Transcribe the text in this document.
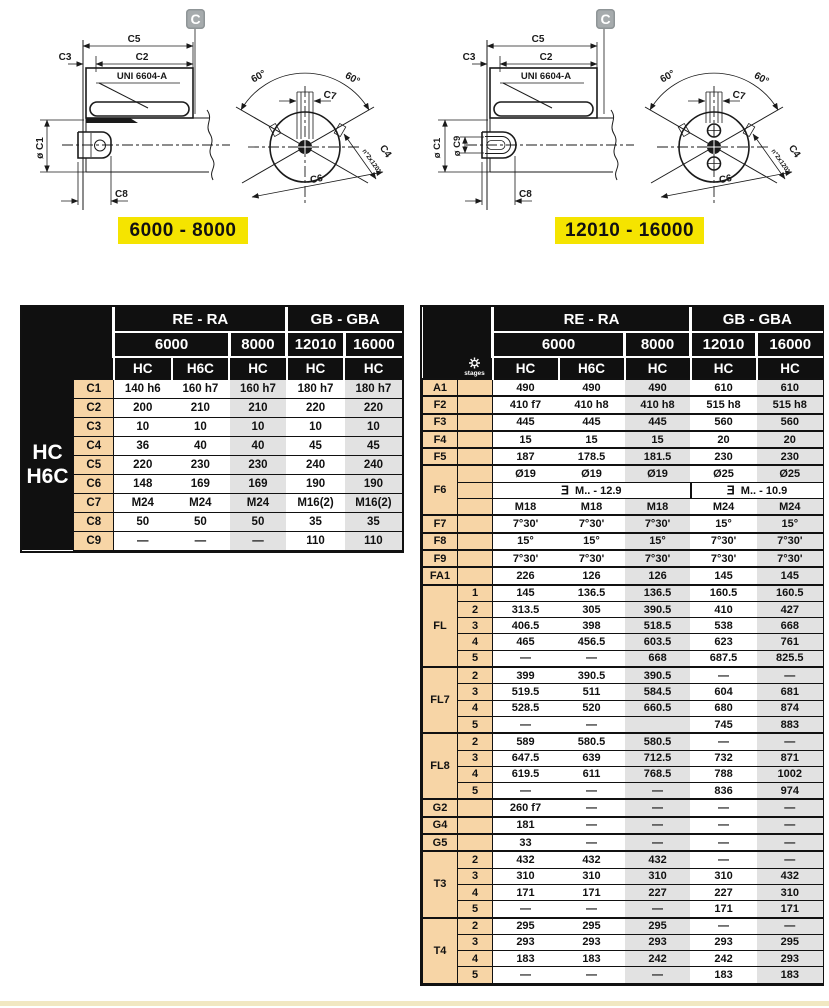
C5
C2
C3
UNI 6604-A
ø C1
C8
60°	60°
C7
C4
n°2x120°
C6
C
6000 - 8000
C5
C2
C3
UNI 6604-A
ø C1 ø C9
C8
60°	60°
C7
C4
n°2x120°
C6
C
12010 - 16000
		RE - RA			GB - GBA	
		6000		8000	12010	16000
		HC	H6C	HC	HC	HC

HC
H6C	C1	140 h6	160 h7	160 h7	180 h7	180 h7
	C2	200	210	210	220	220
	C3	10	10	10	10	10
	C4	36	40	40	45	45
	C5	220	230	230	240	240
	C6	148	169	169	190	190
	C7	M24	M24	M24	M16(2)	M16(2)
	C8	50	50	50	35	35
	C9	—	—	—	110	110
		RE - RA			GB - GBA	
		6000		8000	12010	16000

	stages	HC	H6C	HC	HC	HC
A1		490	490	490	610	610
F2		410 f7	410 h8	410 h8	515 h8	515 h8
F3		445	445	445	560	560
F4		15	15	15	20	20
F5		187	178.5	181.5	230	230
F6		Ø19	Ø19	Ø19	Ø25	Ø25
		Ǝ M.. - 12.9			Ǝ M.. - 10.9	
		M18	M18	M18	M24	M24
F7		7°30'	7°30'	7°30'	15°	15°
F8		15°	15°	15°	7°30'	7°30'
F9		7°30'	7°30'	7°30'	7°30'	7°30'
FA1		226	126	126	145	145
FL	1	145	136.5	136.5	160.5	160.5
	2	313.5	305	390.5	410	427
	3	406.5	398	518.5	538	668
	4	465	456.5	603.5	623	761
	5	—	—	668	687.5	825.5
FL7	2	399	390.5	390.5	—	—
	3	519.5	511	584.5	604	681
	4	528.5	520	660.5	680	874
	5	—	—		745	883
FL8	2	589	580.5	580.5	—	—
	3	647.5	639	712.5	732	871
	4	619.5	611	768.5	788	1002
	5	—	—	—	836	974
G2		260 f7	—	—	—	—
G4		181	—	—	—	—
G5		33	—	—	—	—
T3	2	432	432	432	—	—
	3	310	310	310	310	432
	4	171	171	227	227	310
	5	—	—	—	171	171
T4	2	295	295	295	—	—
	3	293	293	293	293	295
	4	183	183	242	242	293
	5	—	—	—	183	183
